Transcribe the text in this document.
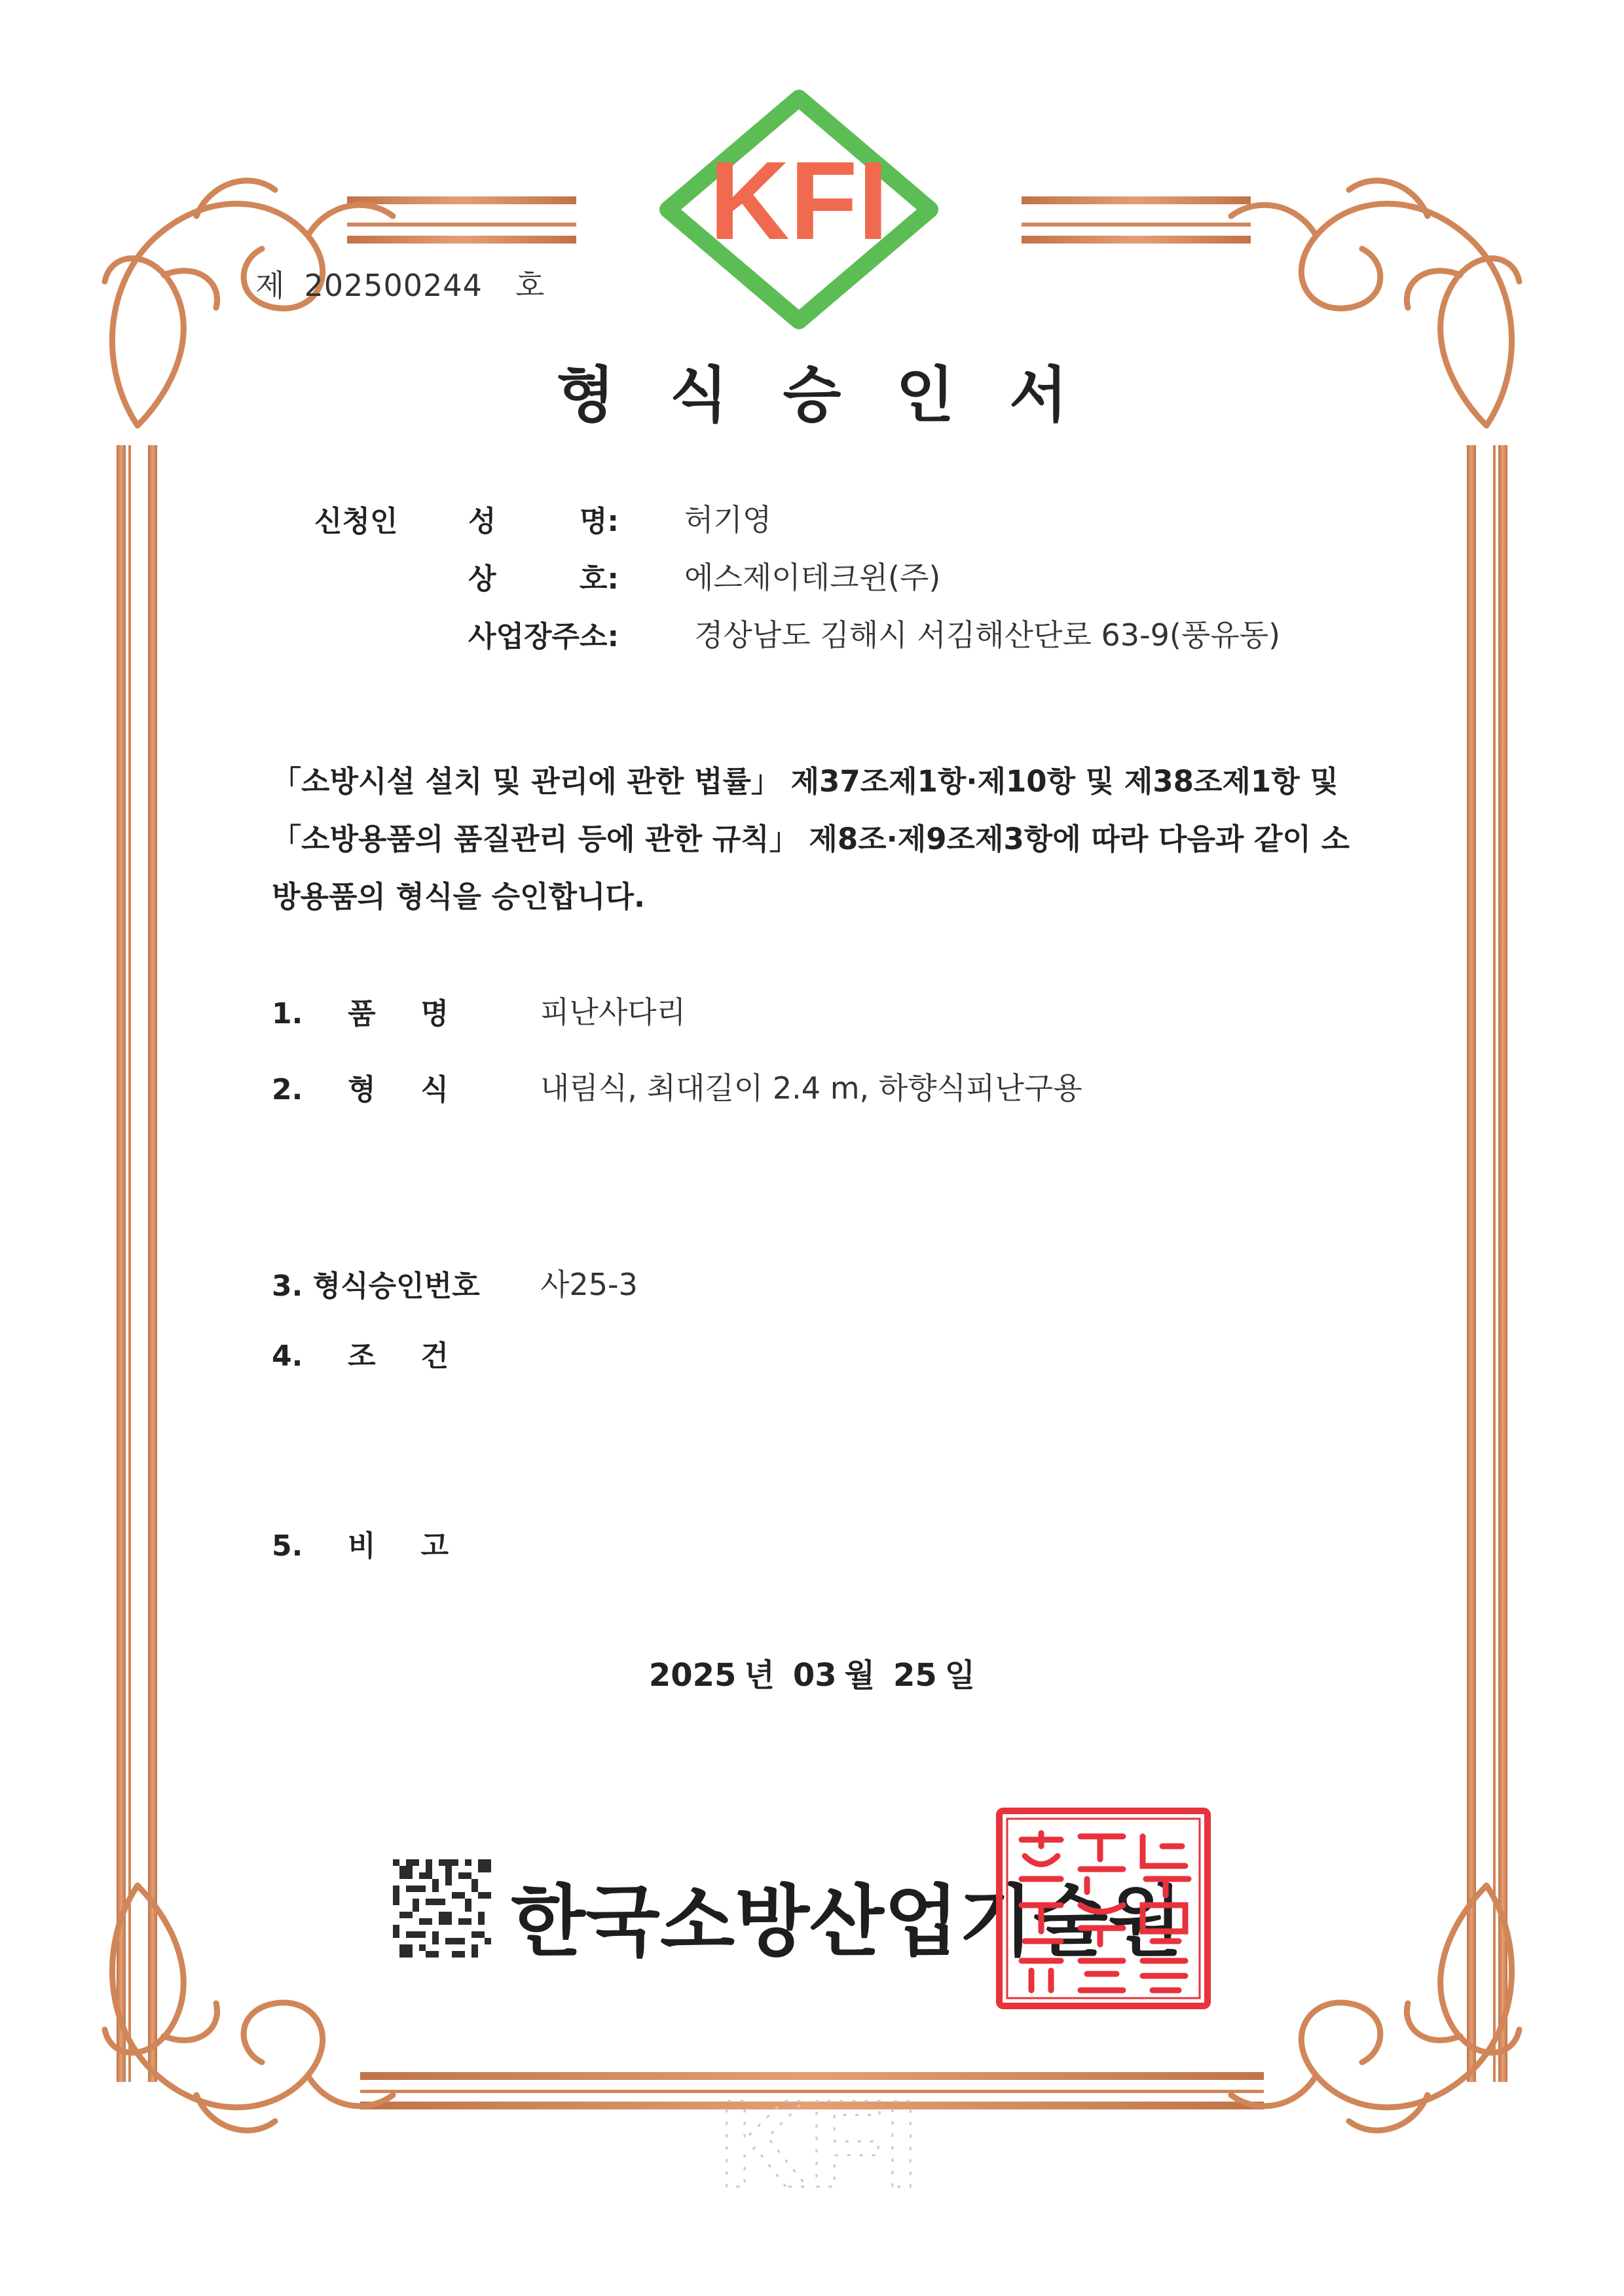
KFI
제 202500244 호
형식승인서
신청인 성 명: 허기영
상 호: 에스제이테크윈(주)
사업장주소: 경상남도 김해시 서김해산단로 63-9(풍유동)
「소방시설 설치 및 관리에 관한 법률」 제37조제1항·제10항 및 제38조제1항 및 「소방용품의 품질관리 등에 관한 규칙」 제8조·제9조제3항에 따라 다음과 같이 소방용품의 형식을 승인합니다.
1. 품 명	피난사다리
2. 형 식	내림식, 최대길이 2.4 m, 하향식피난구용
3. 형식승인번호 사25-3
4. 조 건
5. 비 고
2025 년 03 월 25 일
한국소방산업기술원
KFI
